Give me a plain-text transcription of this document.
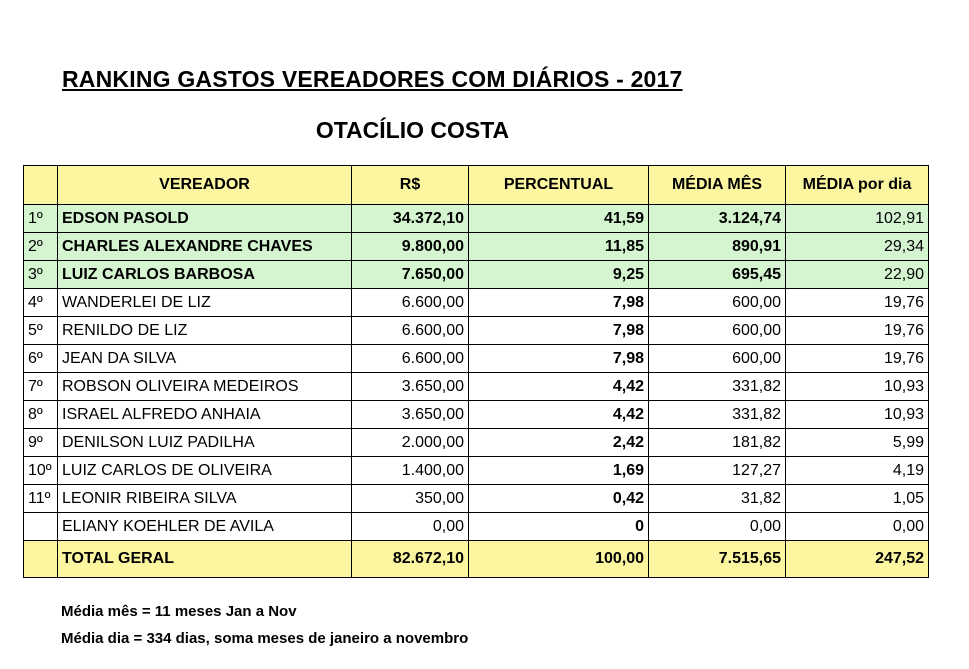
RANKING GASTOS VEREADORES COM DIÁRIOS - 2017
OTACÍLIO COSTA
	VEREADOR	R$	PERCENTUAL	MÉDIA MÊS	MÉDIA por dia
1º	EDSON PASOLD	34.372,10	41,59	3.124,74	102,91
2º	CHARLES ALEXANDRE CHAVES	9.800,00	11,85	890,91	29,34
3º	LUIZ CARLOS BARBOSA	7.650,00	9,25	695,45	22,90
4º	WANDERLEI DE LIZ	6.600,00	7,98	600,00	19,76
5º	RENILDO DE LIZ	6.600,00	7,98	600,00	19,76
6º	JEAN DA SILVA	6.600,00	7,98	600,00	19,76
7º	ROBSON OLIVEIRA MEDEIROS	3.650,00	4,42	331,82	10,93
8º	ISRAEL ALFREDO ANHAIA	3.650,00	4,42	331,82	10,93
9º	DENILSON LUIZ PADILHA	2.000,00	2,42	181,82	5,99
10º	LUIZ CARLOS DE OLIVEIRA	1.400,00	1,69	127,27	4,19
11º	LEONIR RIBEIRA SILVA	350,00	0,42	31,82	1,05
	ELIANY KOEHLER DE AVILA	0,00	0	0,00	0,00
	TOTAL GERAL	82.672,10	100,00	7.515,65	247,52
Média mês = 11 meses Jan a Nov
Média dia = 334 dias, soma meses de janeiro a novembro
